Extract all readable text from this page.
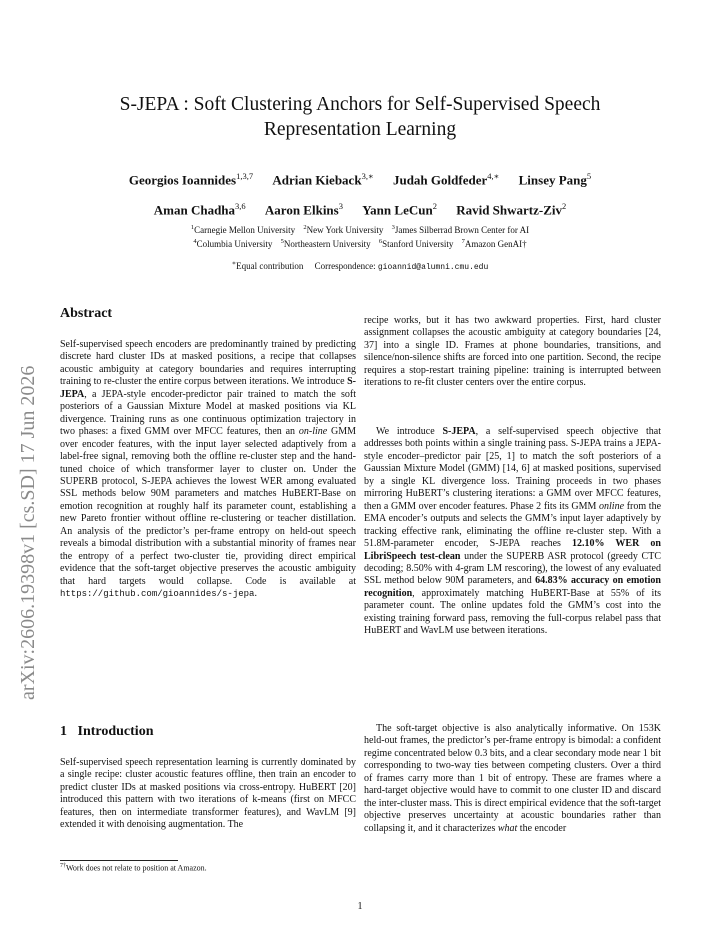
arXiv:2606.19398v1 [cs.SD] 17 Jun 2026
S-JEPA : Soft Clustering Anchors for Self-Supervised Speech Representation Learning
Georgios Ioannides$^{1,3,7}$ Adrian Kieback$^{3,∗}$ Judah Goldfeder$^{4,∗}$ Linsey Pang$^5$
Aman Chadha$^{3,6}$ Aaron Elkins$^3$ Yann LeCun$^2$ Ravid Shwartz-Ziv$^2$
$^1$Carnegie Mellon University $^2$New York University $^3$James Silberrad Brown Center for AI
$^4$Columbia University $^5$Northeastern University $^6$Stanford University $^7$Amazon GenAI†
∗Equal contribution Correspondence: gioannid@alumni.cmu.edu
Abstract

Self-supervised speech encoders are predominantly trained by predicting discrete hard cluster IDs at masked positions, a recipe that collapses acoustic ambiguity at category boundaries and requires interrupting training to re-cluster the entire corpus between iterations. We introduce S-JEPA, a JEPA-style encoder-predictor pair trained to match the soft posteriors of a Gaussian Mixture Model at masked positions via KL divergence. Training runs as one continuous optimization trajectory in two phases: a fixed GMM over MFCC features, then an on-line GMM over encoder features, with the input layer selected adaptively from a label-free signal, removing both the offline re-cluster step and the hand-tuned choice of which transformer layer to cluster on. Under the SUPERB protocol, S-JEPA achieves the lowest WER among evaluated SSL methods below 90M parameters and matches HuBERT-Base on emotion recognition at roughly half its parameter count, establishing a new Pareto frontier without offline re-clustering or teacher distillation. An analysis of the predictor’s per-frame entropy on held-out speech reveals a bimodal distribution with a substantial minority of frames near the entropy of a perfect two-cluster tie, providing direct empirical evidence that the soft-target objective preserves the acoustic ambiguity that hard targets would collapse. Code is available at https://github.com/gioannides/s-jepa.

1 Introduction

Self-supervised speech representation learning is currently dominated by a single recipe: cluster acoustic features offline, then train an encoder to predict cluster IDs at masked positions via cross-entropy. HuBERT [20] introduced this pattern with two iterations of k-means (first on MFCC features, then on intermediate transformer features), and WavLM [9] extended it with denoising augmentation. The

recipe works, but it has two awkward properties. First, hard cluster assignment collapses the acoustic ambiguity at category boundaries [24, 37] into a single ID. Frames at phone boundaries, transitions, and silence/non-silence shifts are forced into one partition. Second, the recipe requires a stop-restart training pipeline: training is interrupted between iterations to re-fit cluster centers over the entire corpus.

We introduce S-JEPA, a self-supervised speech objective that addresses both points within a single training pass. S-JEPA trains a JEPA-style encoder–predictor pair [25, 1] to match the soft posteriors of a Gaussian Mixture Model (GMM) [14, 6] at masked positions, supervised by a single KL divergence loss. Training proceeds in two phases mirroring HuBERT’s clustering iterations: a GMM over MFCC features, then a GMM over encoder features. Phase 2 fits its GMM online from the EMA encoder’s outputs and selects the GMM’s input layer adaptively by tracking effective rank, eliminating the offline re-cluster step. With a 51.8M-parameter encoder, S-JEPA reaches 12.10% WER on LibriSpeech test-clean under the SUPERB ASR protocol (greedy CTC decoding; 8.50% with 4-gram LM rescoring), the lowest of any evaluated SSL method below 90M parameters, and 64.83% accuracy on emotion recognition, approximately matching HuBERT-Base at 55% of its parameter count. The online updates fold the GMM’s cost into the existing training forward pass, removing the full-corpus relabel pass that HuBERT and WavLM use between iterations.

The soft-target objective is also analytically informative. On 153K held-out frames, the predictor’s per-frame entropy is bimodal: a confident regime concentrated below 0.3 bits, and a clear secondary mode near 1 bit corresponding to two-way ties between competing clusters. Over a third of frames carry more than 1 bit of entropy. These are frames where a hard-target objective would have to commit to one cluster ID and discard the inter-cluster mass. This is direct empirical evidence that the soft-target objective preserves uncertainty at acoustic boundaries rather than collapsing it, and it characterizes what the encoder

$^{7\dagger}$Work does not relate to position at Amazon.
1
